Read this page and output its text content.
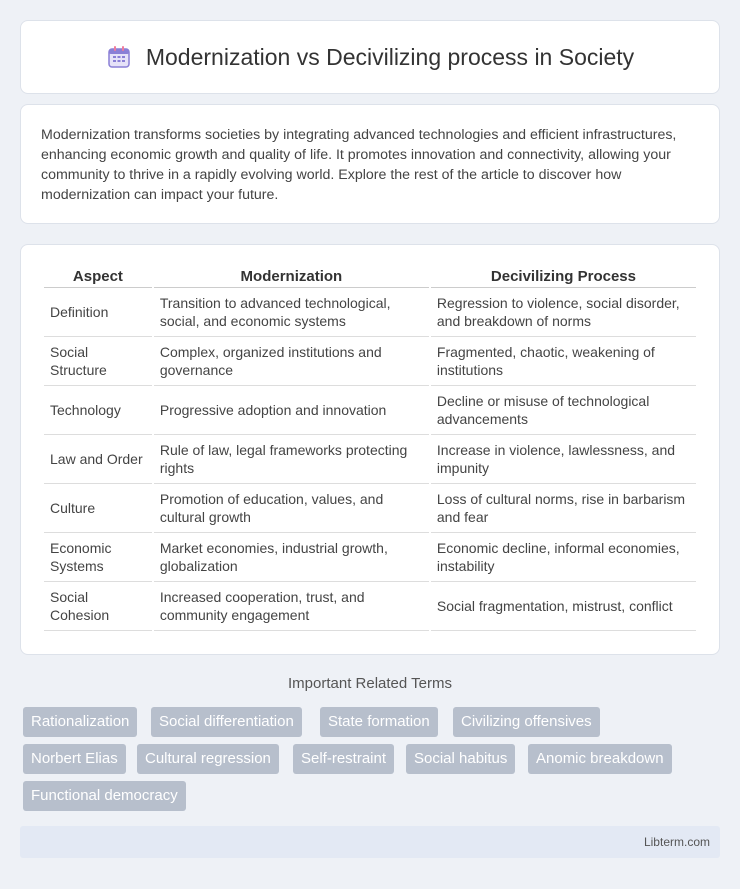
Modernization vs Decivilizing process in Society

Modernization transforms societies by integrating advanced technologies and efficient infrastructures, enhancing economic growth and quality of life. It promotes innovation and connectivity, allowing your community to thrive in a rapidly evolving world. Explore the rest of the article to discover how modernization can impact your future.

Aspect	Modernization	Decivilizing Process
Definition	Transition to advanced technological, social, and economic systems	Regression to violence, social disorder, and breakdown of norms
Social Structure	Complex, organized institutions and governance	Fragmented, chaotic, weakening of institutions
Technology	Progressive adoption and innovation	Decline or misuse of technological advancements
Law and Order	Rule of law, legal frameworks protecting rights	Increase in violence, lawlessness, and impunity
Culture	Promotion of education, values, and cultural growth	Loss of cultural norms, rise in barbarism and fear
Economic Systems	Market economies, industrial growth, globalization	Economic decline, informal economies, instability
Social Cohesion	Increased cooperation, trust, and community engagement	Social fragmentation, mistrust, conflict
Important Related Terms
Rationalization	Social differentiation	State formation	Civilizing offensives
Norbert Elias	Cultural regression	Self-restraint	Social habitus	Anomic breakdown
Functional democracy
Libterm.com
